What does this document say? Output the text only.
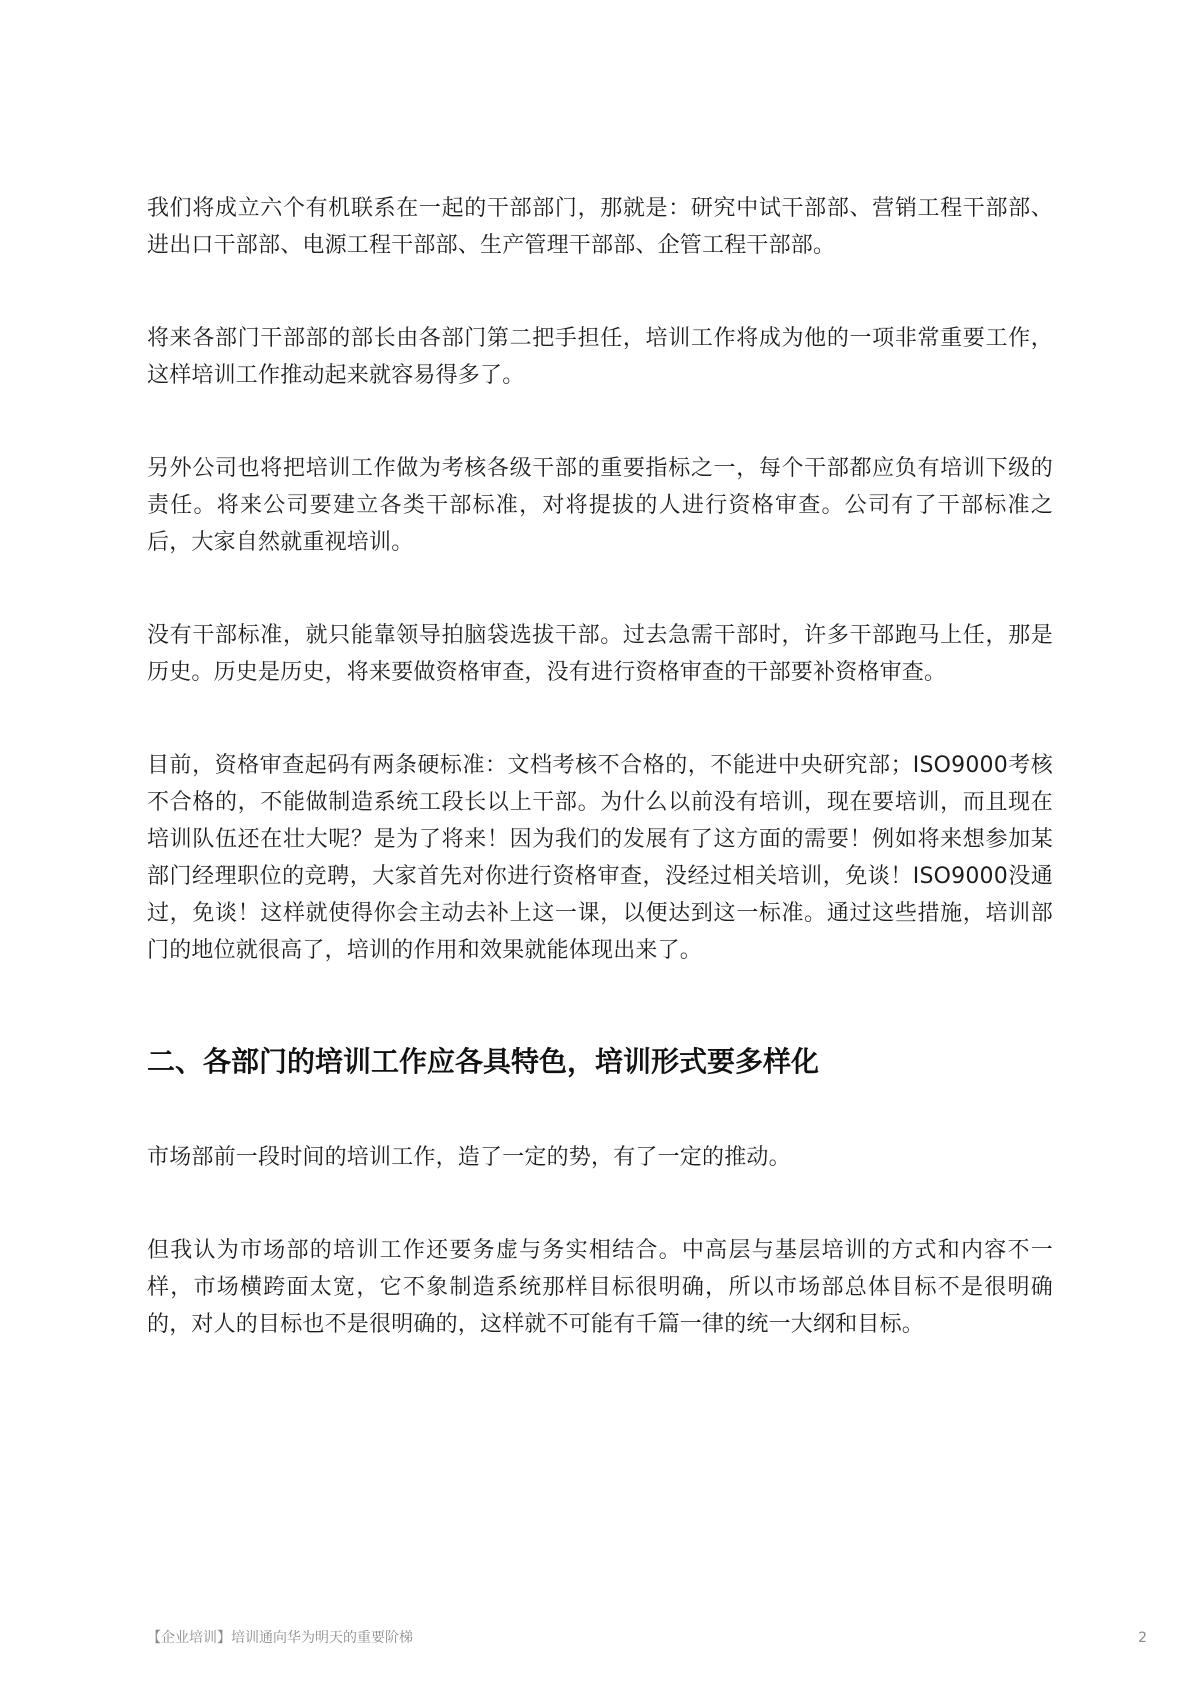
我们将成立六个有机联系在一起的干部部门，那就是：研究中试干部部、营销工程干部部、进出口干部部、电源工程干部部、生产管理干部部、企管工程干部部。

将来各部门干部部的部长由各部门第二把手担任，培训工作将成为他的一项非常重要工作，这样培训工作推动起来就容易得多了。

另外公司也将把培训工作做为考核各级干部的重要指标之一，每个干部都应负有培训下级的责任。将来公司要建立各类干部标准，对将提拔的人进行资格审查。公司有了干部标准之后，大家自然就重视培训。

没有干部标准，就只能靠领导拍脑袋选拔干部。过去急需干部时，许多干部跑马上任，那是历史。历史是历史，将来要做资格审查，没有进行资格审查的干部要补资格审查。

目前，资格审查起码有两条硬标准：文档考核不合格的，不能进中央研究部；ISO9000考核不合格的，不能做制造系统工段长以上干部。为什么以前没有培训，现在要培训，而且现在培训队伍还在壮大呢？是为了将来！因为我们的发展有了这方面的需要！例如将来想参加某部门经理职位的竞聘，大家首先对你进行资格审查，没经过相关培训，免谈！ISO9000没通过，免谈！这样就使得你会主动去补上这一课，以便达到这一标准。通过这些措施，培训部门的地位就很高了，培训的作用和效果就能体现出来了。

二、各部门的培训工作应各具特色，培训形式要多样化

市场部前一段时间的培训工作，造了一定的势，有了一定的推动。

但我认为市场部的培训工作还要务虚与务实相结合。中高层与基层培训的方式和内容不一样，市场横跨面太宽，它不象制造系统那样目标很明确，所以市场部总体目标不是很明确的，对人的目标也不是很明确的，这样就不可能有千篇一律的统一大纲和目标。

【企业培训】培训通向华为明天的重要阶梯	2
